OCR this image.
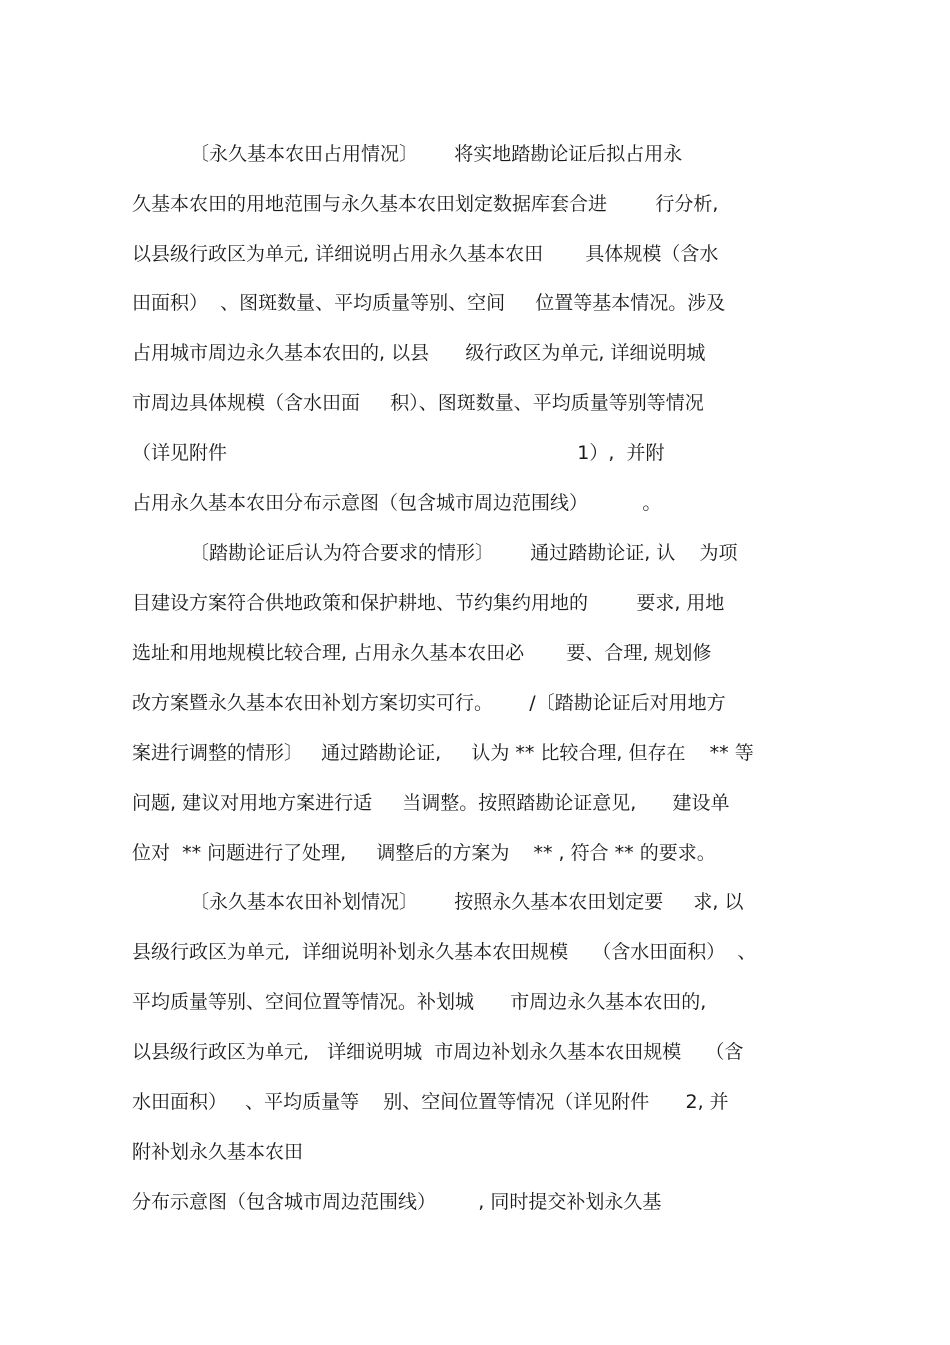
〔永久基本农田占用情况〕      将实地踏勘论证后拟占用永
久基本农田的用地范围与永久基本农田划定数据库套合进        行分析,
以县级行政区为单元, 详细说明占用永久基本农田       具体规模（含水
田面积）  、图斑数量、平均质量等别、空间     位置等基本情况。涉及
占用城市周边永久基本农田的, 以县      级行政区为单元, 详细说明城
市周边具体规模（含水田面     积）、图斑数量、平均质量等别等情况
（详见附件                                                          1）,  并附
占用永久基本农田分布示意图（包含城市周边范围线）         。
〔踏勘论证后认为符合要求的情形〕      通过踏勘论证, 认    为项
目建设方案符合供地政策和保护耕地、节约集约用地的        要求, 用地
选址和用地规模比较合理, 占用永久基本农田必       要、合理, 规划修
改方案暨永久基本农田补划方案切实可行。      /〔踏勘论证后对用地方
案进行调整的情形〕   通过踏勘论证,     认为 ** 比较合理, 但存在    ** 等
问题, 建议对用地方案进行适     当调整。按照踏勘论证意见,      建设单
位对  ** 问题进行了处理,     调整后的方案为    ** , 符合 ** 的要求。
〔永久基本农田补划情况〕      按照永久基本农田划定要     求, 以
县级行政区为单元,  详细说明补划永久基本农田规模    （含水田面积）  、
平均质量等别、空间位置等情况。补划城      市周边永久基本农田的,
以县级行政区为单元,   详细说明城  市周边补划永久基本农田规模    （含
水田面积）   、平均质量等    别、空间位置等情况（详见附件      2, 并
附补划永久基本农田
分布示意图（包含城市周边范围线）       , 同时提交补划永久基
